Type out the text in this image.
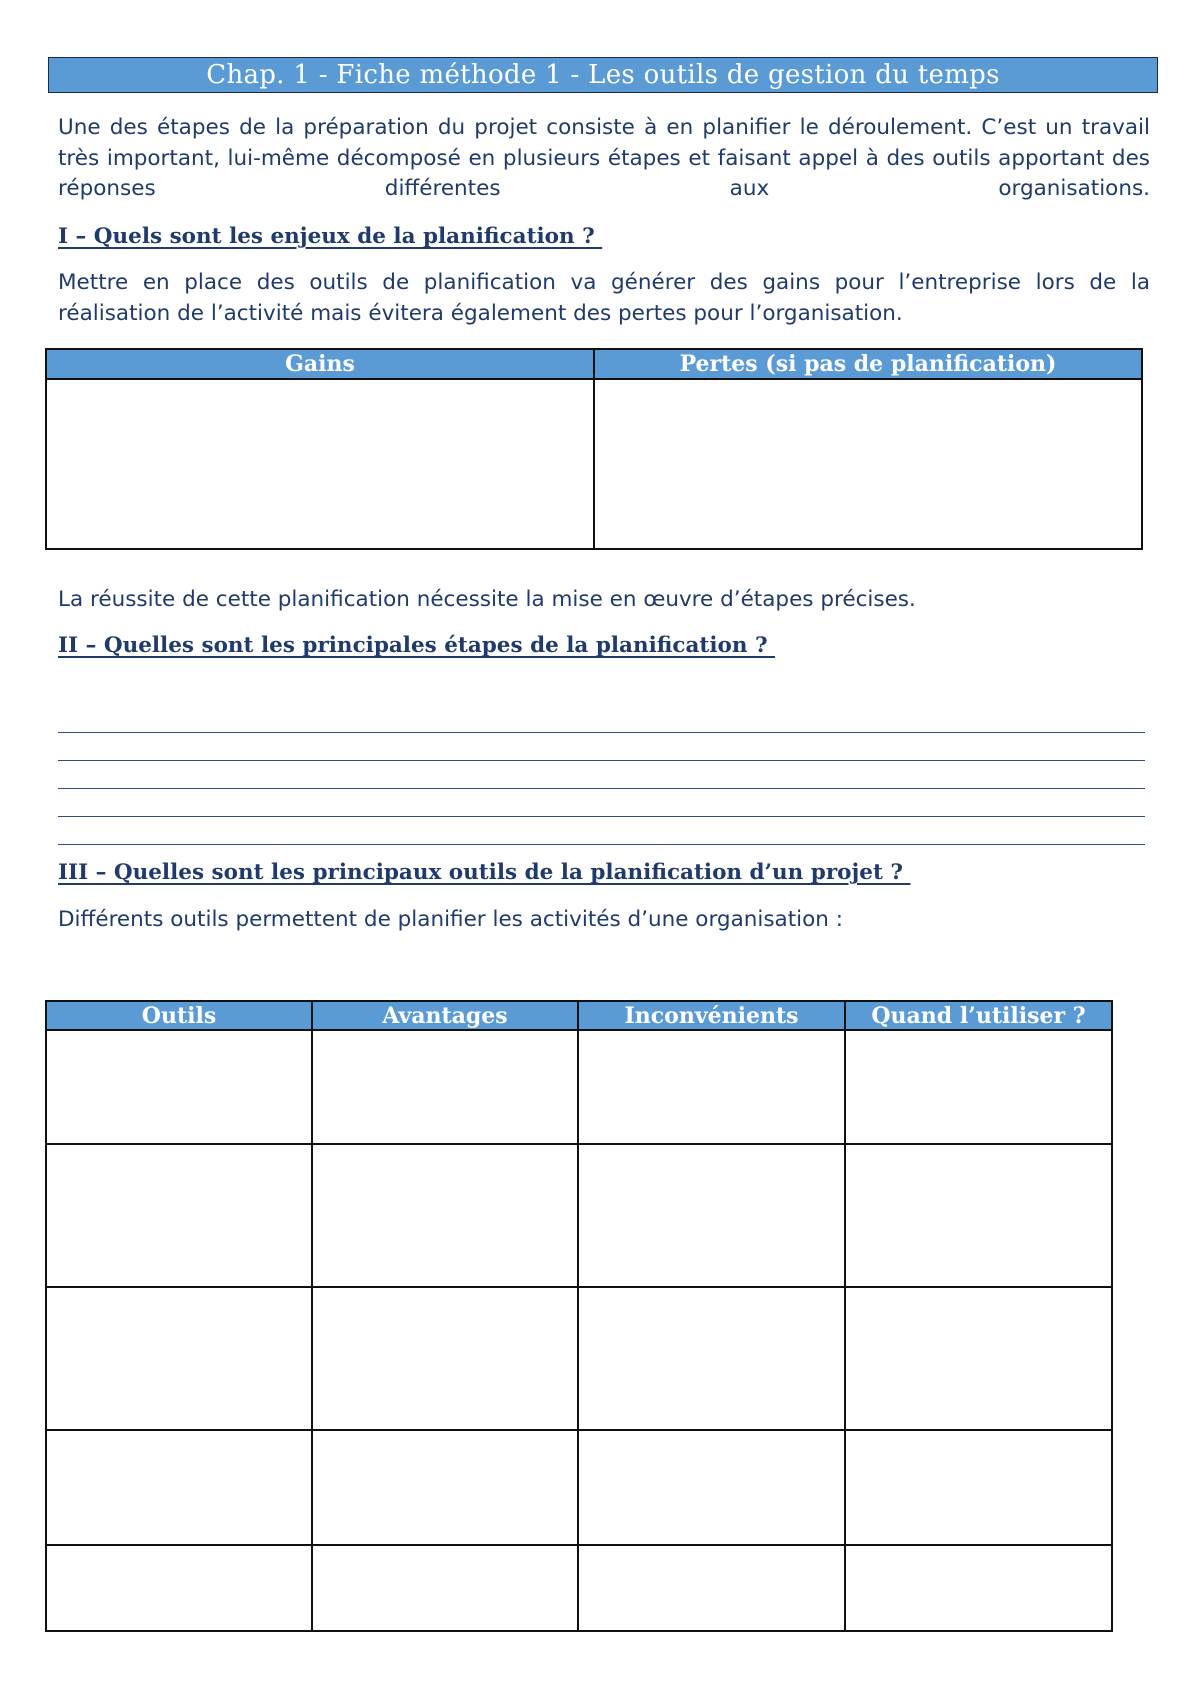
Chap. 1 - Fiche méthode 1 - Les outils de gestion du temps
Une des étapes de la préparation du projet consiste à en planifier le déroulement. C’est un travail très important, lui-même décomposé en plusieurs étapes et faisant appel à des outils apportant des réponses différentes aux organisations.
I – Quels sont les enjeux de la planification ?
Mettre en place des outils de planification va générer des gains pour l’entreprise lors de la réalisation de l’activité mais évitera également des pertes pour l’organisation.
Gains	Pertes (si pas de planification)

La réussite de cette planification nécessite la mise en œuvre d’étapes précises.
II – Quelles sont les principales étapes de la planification ?
III – Quelles sont les principaux outils de la planification d’un projet ?
Différents outils permettent de planifier les activités d’une organisation :
Outils	Avantages	Inconvénients	Quand l’utiliser ?
